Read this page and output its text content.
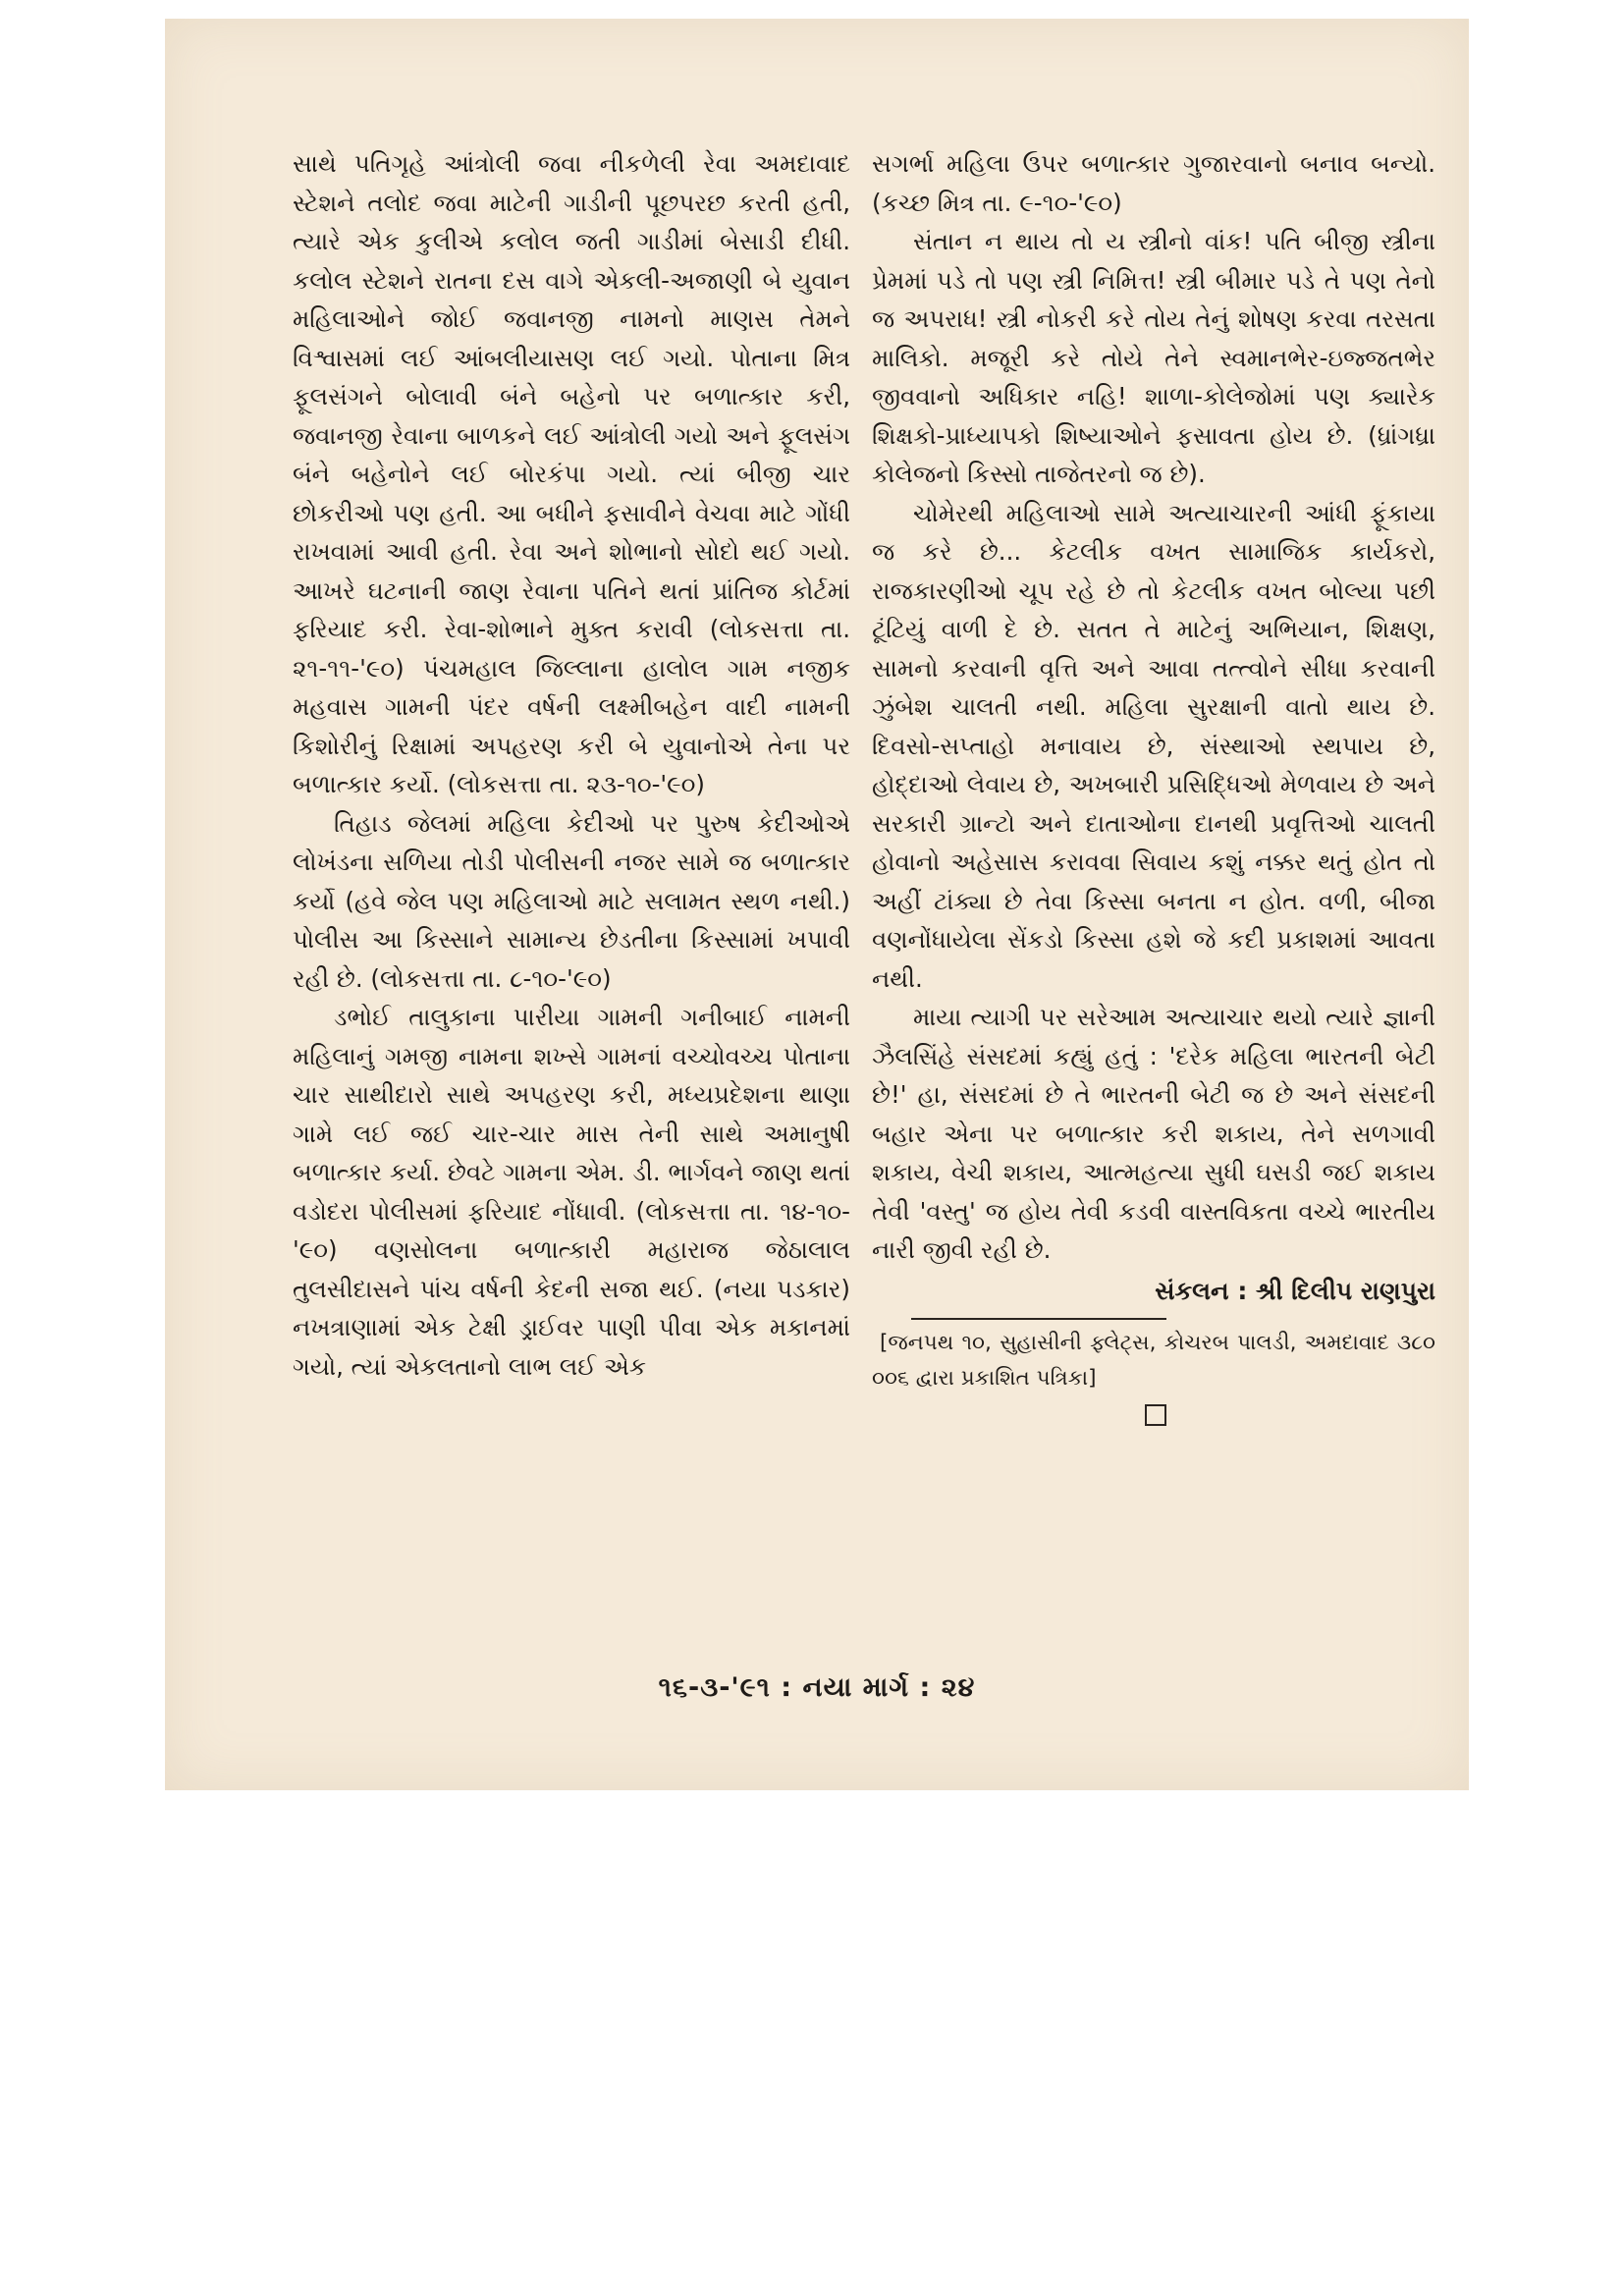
સાથે પતિગૃહે આંત્રોલી જવા નીકળેલી રેવા અમદાવાદ સ્ટેશને તલોદ જવા માટેની ગાડીની પૂછપરછ કરતી હતી, ત્યારે એક કુલીએ કલોલ જતી ગાડીમાં બેસાડી દીધી. કલોલ સ્ટેશને રાતના દસ વાગે એકલી-અજાણી બે યુવાન મહિલાઓને જોઈ જવાનજી નામનો માણસ તેમને વિશ્વાસમાં લઈ આંબલીયાસણ લઈ ગયો. પોતાના મિત્ર ફૂલસંગને બોલાવી બંને બહેનો પર બળાત્કાર કરી, જવાનજી રેવાના બાળકને લઈ આંત્રોલી ગયો અને ફૂલસંગ બંને બહેનોને લઈ બોરકંપા ગયો. ત્યાં બીજી ચાર છોકરીઓ પણ હતી. આ બધીને ફસાવીને વેચવા માટે ગોંધી રાખવામાં આવી હતી. રેવા અને શોભાનો સોદો થઈ ગયો. આખરે ઘટનાની જાણ રેવાના પતિને થતાં પ્રાંતિજ કોર્ટમાં ફરિયાદ કરી. રેવા-શોભાને મુક્ત કરાવી (લોકસત્તા તા. ૨૧-૧૧-'૯૦) પંચમહાલ જિલ્લાના હાલોલ ગામ નજીક મહવાસ ગામની પંદર વર્ષની લક્ષ્મીબહેન વાદી નામની કિશોરીનું રિક્ષામાં અપહરણ કરી બે યુવાનોએ તેના પર બળાત્કાર કર્યો. (લોકસત્તા તા. ૨૩-૧૦-'૯૦)

તિહાડ જેલમાં મહિલા કેદીઓ પર પુરુષ કેદીઓએ લોખંડના સળિયા તોડી પોલીસની નજર સામે જ બળાત્કાર કર્યો (હવે જેલ પણ મહિલાઓ માટે સલામત સ્થળ નથી.) પોલીસ આ કિસ્સાને સામાન્ય છેડતીના કિસ્સામાં ખપાવી રહી છે. (લોકસત્તા તા. ૮-૧૦-'૯૦)

ડભોઈ તાલુકાના પારીયા ગામની ગનીબાઈ નામની મહિલાનું ગમજી નામના શખ્સે ગામનાં વચ્ચોવચ્ચ પોતાના ચાર સાથીદારો સાથે અપહરણ કરી, મધ્યપ્રદેશના થાણા ગામે લઈ જઈ ચાર-ચાર માસ તેની સાથે અમાનુષી બળાત્કાર કર્યા. છેવટે ગામના એમ. ડી. ભાર્ગવને જાણ થતાં વડોદરા પોલીસમાં ફરિયાદ નોંધાવી. (લોકસત્તા તા. ૧૪-૧૦-'૯૦) વણસોલના બળાત્કારી મહારાજ જેઠાલાલ તુલસીદાસને પાંચ વર્ષની કેદની સજા થઈ. (નયા પડકાર) નખત્રાણામાં એક ટેક્ષી ડ્રાઈવર પાણી પીવા એક મકાનમાં ગયો, ત્યાં એકલતાનો લાભ લઈ એક

સગર્ભા મહિલા ઉપર બળાત્કાર ગુજારવાનો બનાવ બન્યો. (કચ્છ મિત્ર તા. ૯-૧૦-'૯૦)

સંતાન ન થાય તો ય સ્ત્રીનો વાંક! પતિ બીજી સ્ત્રીના પ્રેમમાં પડે તો પણ સ્ત્રી નિમિત્ત! સ્ત્રી બીમાર પડે તે પણ તેનો જ અપરાધ! સ્ત્રી નોકરી કરે તોય તેનું શોષણ કરવા તરસતા માલિકો. મજૂરી કરે તોયે તેને સ્વમાનભેર-ઇજ્જતભેર જીવવાનો અધિકાર નહિ! શાળા-કોલેજોમાં પણ ક્યારેક શિક્ષકો-પ્રાધ્યાપકો શિષ્યાઓને ફસાવતા હોય છે. (ધ્રાંગધ્રા કોલેજનો કિસ્સો તાજેતરનો જ છે).

ચોમેરથી મહિલાઓ સામે અત્યાચારની આંધી ફૂંકાયા જ કરે છે... કેટલીક વખત સામાજિક કાર્યકરો, રાજકારણીઓ ચૂપ રહે છે તો કેટલીક વખત બોલ્યા પછી ટૂંટિયું વાળી દે છે. સતત તે માટેનું અભિયાન, શિક્ષણ, સામનો કરવાની વૃત્તિ અને આવા તત્ત્વોને સીધા કરવાની ઝુંબેશ ચાલતી નથી. મહિલા સુરક્ષાની વાતો થાય છે. દિવસો-સપ્તાહો મનાવાય છે, સંસ્થાઓ સ્થપાય છે, હોદ્દાઓ લેવાય છે, અખબારી પ્રસિદ્ધિઓ મેળવાય છે અને સરકારી ગ્રાન્ટો અને દાતાઓના દાનથી પ્રવૃત્તિઓ ચાલતી હોવાનો અહેસાસ કરાવવા સિવાય કશું નક્કર થતું હોત તો અહીં ટાંક્યા છે તેવા કિસ્સા બનતા ન હોત. વળી, બીજા વણનોંધાયેલા સેંકડો કિસ્સા હશે જે કદી પ્રકાશમાં આવતા નથી.

માયા ત્યાગી પર સરેઆમ અત્યાચાર થયો ત્યારે જ્ઞાની ઝૈલસિંહે સંસદમાં કહ્યું હતું : 'દરેક મહિલા ભારતની બેટી છે!' હા, સંસદમાં છે તે ભારતની બેટી જ છે અને સંસદની બહાર એના પર બળાત્કાર કરી શકાય, તેને સળગાવી શકાય, વેચી શકાય, આત્મહત્યા સુધી ઘસડી જઈ શકાય તેવી 'વસ્તુ' જ હોય તેવી કડવી વાસ્તવિકતા વચ્ચે ભારતીય નારી જીવી રહી છે.

સંકલન : શ્રી દિલીપ રાણપુરા
[જનપથ ૧૦, સુહાસીની ફ્લેટ્સ, કોચરબ પાલડી, અમદાવાદ ૩૮૦ ૦૦૬ દ્વારા પ્રકાશિત પત્રિકા]
૧૬-૩-'૯૧ : નયા માર્ગ : ૨૪
